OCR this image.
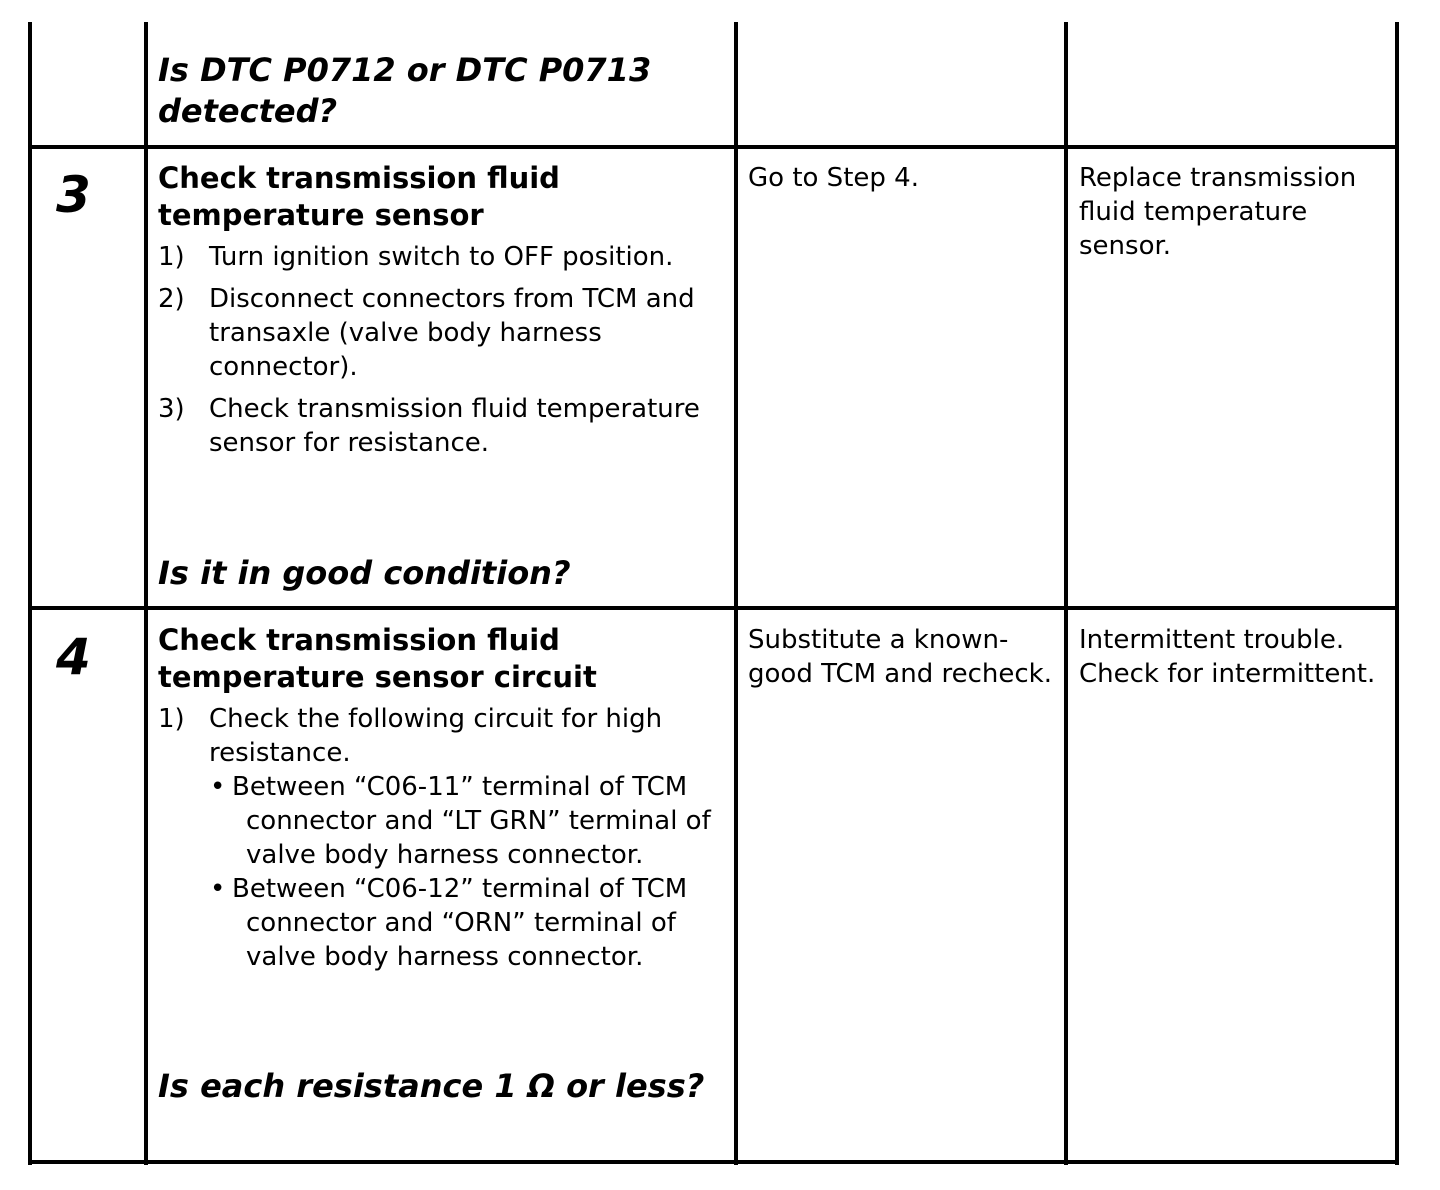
Is DTC P0712 or DTC P0713 detected?
3 Check transmission fluid temperature sensor
1) Turn ignition switch to OFF position.
2) Disconnect connectors from TCM and transaxle (valve body harness connector).
3) Check transmission fluid temperature sensor for resistance.
Is it in good condition?
Go to Step 4.	Replace transmission fluid temperature sensor.
4 Check transmission fluid temperature sensor circuit
1) Check the following circuit for high resistance.
• Between “C06-11” terminal of TCM connector and “LT GRN” terminal of valve body harness connector.
• Between “C06-12” terminal of TCM connector and “ORN” terminal of valve body harness connector.
Is each resistance 1 Ω or less?
Substitute a known-good TCM and recheck.
Intermittent trouble. Check for intermittent.
